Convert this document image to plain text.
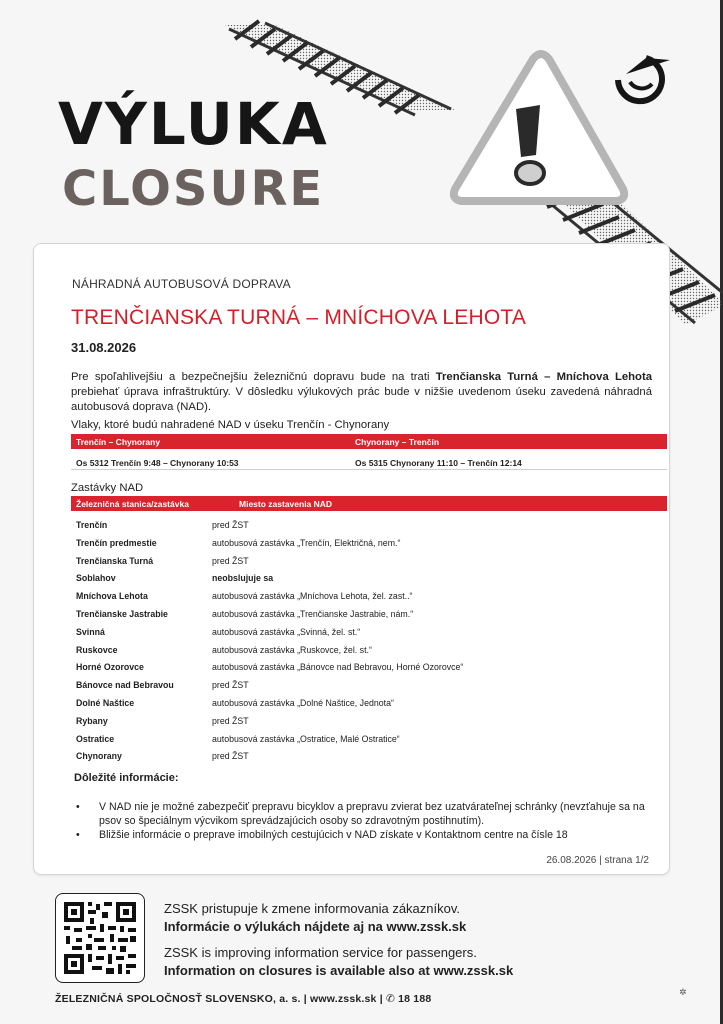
VÝLUKA
CLOSURE
NÁHRADNÁ AUTOBUSOVÁ DOPRAVA
TRENČIANSKA TURNÁ – MNÍCHOVA LEHOTA
31.08.2026
Pre spoľahlivejšiu a bezpečnejšiu železničnú dopravu bude na trati Trenčianska Turná – Mníchova Lehota prebiehať úprava infraštruktúry. V dôsledku výlukových prác bude v nižšie uvedenom úseku zavedená náhradná autobusová doprava (NAD).
Vlaky, ktoré budú nahradené NAD v úseku Trenčín - Chynorany
Trenčín – Chynorany	Chynorany – Trenčín
Os 5312 Trenčín 9:48 – Chynorany 10:53	Os 5315 Chynorany 11:10 – Trenčín 12:14
Zastávky NAD
Železničná stanica/zastávka	Miesto zastavenia NAD
Trenčín	pred ŽST
Trenčín predmestie	autobusová zastávka „Trenčín, Električná, nem.“
Trenčianska Turná	pred ŽST
Soblahov	neobslujuje sa
Mníchova Lehota	autobusová zastávka „Mníchova Lehota, žel. zast..“
Trenčianske Jastrabie	autobusová zastávka „Trenčianske Jastrabie, nám.“
Svinná	autobusová zastávka „Svinná, žel. st.“
Ruskovce	autobusová zastávka „Ruskovce, žel. st.“
Horné Ozorovce	autobusová zastávka „Bánovce nad Bebravou, Horné Ozorovce“
Bánovce nad Bebravou	pred ŽST
Dolné Naštice	autobusová zastávka „Dolné Naštice, Jednota“
Rybany	pred ŽST
Ostratice	autobusová zastávka „Ostratice, Malé Ostratice“
Chynorany	pred ŽST
Dôležité informácie:
• V NAD nie je možné zabezpečiť prepravu bicyklov a prepravu zvierat bez uzatvárateľnej schránky (nevzťahuje sa na psov so špeciálnym výcvikom sprevádzajúcich osoby so zdravotným postihnutím).
• Bližšie informácie o preprave imobilných cestujúcich v NAD získate v Kontaktnom centre na čísle 18
26.08.2026 | strana 1/2
ZSSK pristupuje k zmene informovania zákazníkov.
Informácie o výlukách nájdete aj na www.zssk.sk
ZSSK is improving information service for passengers.
Information on closures is available also at www.zssk.sk
ŽELEZNIČNÁ SPOLOČNOSŤ SLOVENSKO, a. s. | www.zssk.sk | ✆ 18 188
✲
